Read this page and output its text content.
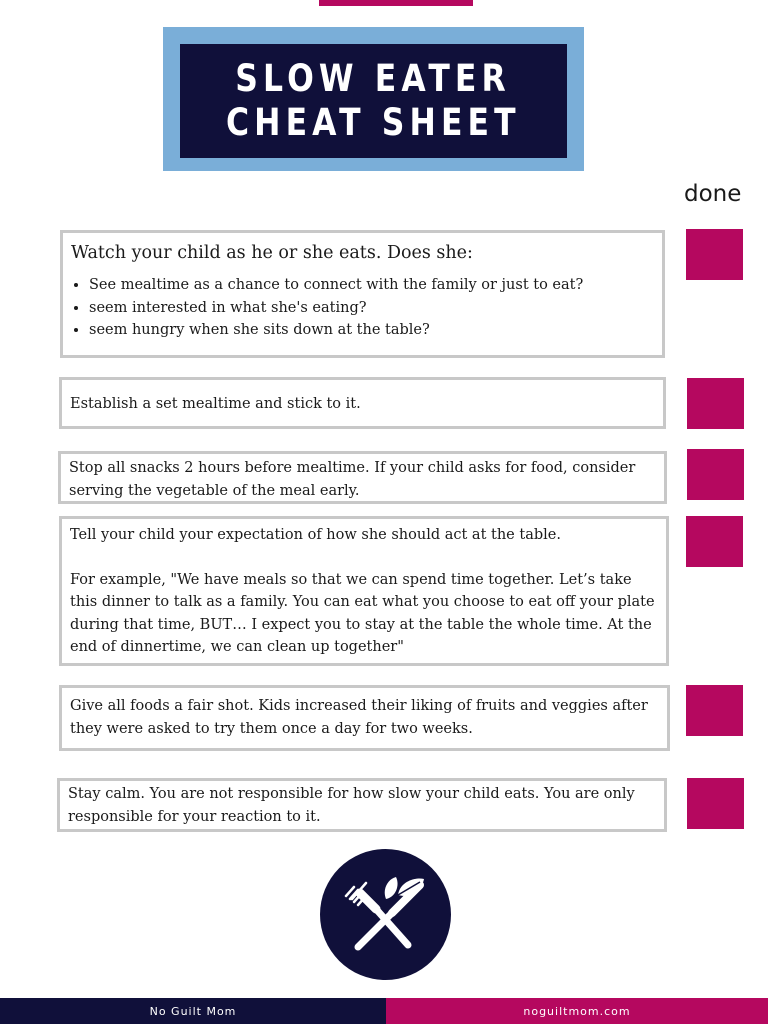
SLOW EATER
CHEAT SHEET
done
Watch your child as he or she eats. Does she:
• See mealtime as a chance to connect with the family or just to eat?
• seem interested in what she's eating?
• seem hungry when she sits down at the table?

Establish a set mealtime and stick to it.

Stop all snacks 2 hours before mealtime. If your child asks for food, consider serving the vegetable of the meal early.

Tell your child your expectation of how she should act at the table.

For example, "We have meals so that we can spend time together. Let’s take this dinner to talk as a family. You can eat what you choose to eat off your plate during that time, BUT… I expect you to stay at the table the whole time. At the end of dinnertime, we can clean up together"

Give all foods a fair shot. Kids increased their liking of fruits and veggies after they were asked to try them once a day for two weeks.

Stay calm. You are not responsible for how slow your child eats. You are only responsible for your reaction to it.

No Guilt Mom	noguiltmom.com
